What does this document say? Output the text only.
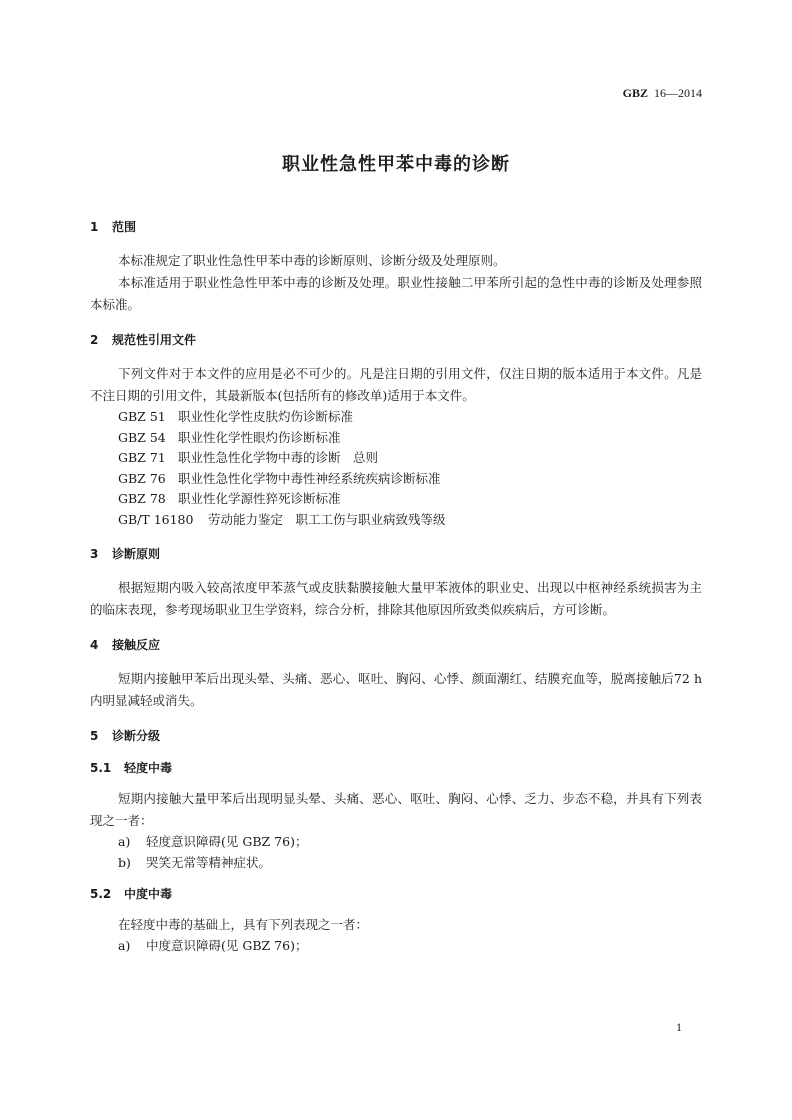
GBZ 16—2014
职业性急性甲苯中毒的诊断

1 范围

本标准规定了职业性急性甲苯中毒的诊断原则、诊断分级及处理原则。

本标准适用于职业性急性甲苯中毒的诊断及处理。职业性接触二甲苯所引起的急性中毒的诊断及处理参照本标准。

2 规范性引用文件

下列文件对于本文件的应用是必不可少的。凡是注日期的引用文件，仅注日期的版本适用于本文件。凡是不注日期的引用文件，其最新版本(包括所有的修改单)适用于本文件。

GBZ 51 职业性化学性皮肤灼伤诊断标准

GBZ 54 职业性化学性眼灼伤诊断标准

GBZ 71 职业性急性化学物中毒的诊断　总则

GBZ 76 职业性急性化学物中毒性神经系统疾病诊断标准

GBZ 78 职业性化学源性猝死诊断标准

GB/T 16180 劳动能力鉴定　职工工伤与职业病致残等级

3 诊断原则

根据短期内吸入较高浓度甲苯蒸气或皮肤黏膜接触大量甲苯液体的职业史、出现以中枢神经系统损害为主的临床表现，参考现场职业卫生学资料，综合分析，排除其他原因所致类似疾病后，方可诊断。

4 接触反应

短期内接触甲苯后出现头晕、头痛、恶心、呕吐、胸闷、心悸、颜面潮红、结膜充血等，脱离接触后72 h 内明显减轻或消失。

5 诊断分级

5.1 轻度中毒

短期内接触大量甲苯后出现明显头晕、头痛、恶心、呕吐、胸闷、心悸、乏力、步态不稳，并具有下列表现之一者：

a) 轻度意识障碍(见 GBZ 76)；

b) 哭笑无常等精神症状。

5.2 中度中毒

在轻度中毒的基础上，具有下列表现之一者：

a) 中度意识障碍(见 GBZ 76)；

1
